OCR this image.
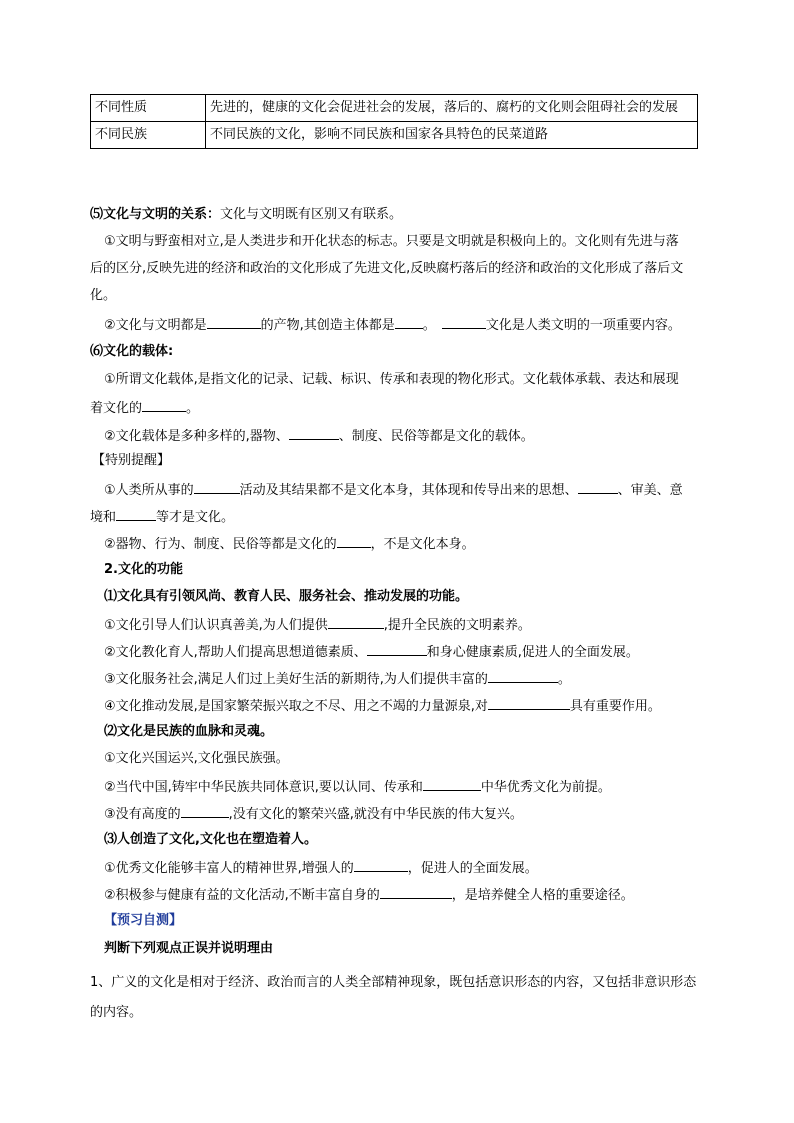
不同性质	先进的，健康的文化会促进社会的发展，落后的、腐朽的文化则会阻碍社会的发展
不同民族	不同民族的文化，影响不同民族和国家各具特色的民菜道路
⑸文化与文明的关系：文化与文明既有区别又有联系。
①文明与野蛮相对立,是人类进步和开化状态的标志。只要是文明就是积极向上的。文化则有先进与落
后的区分,反映先进的经济和政治的文化形成了先进文化,反映腐朽落后的经济和政治的文化形成了落后文
化。
②文化与文明都是	的产物,其创造主体都是 。	文化是人类文明的一项重要内容。
⑹文化的载体:
①所谓文化载体,是指文化的记录、记载、标识、传承和表现的物化形式。文化载体承载、表达和展现
着文化的	。
②文化载体是多种多样的,器物、	、制度、民俗等都是文化的载体。
【特别提醒】
①人类所从事的	活动及其结果都不是文化本身，其体现和传导出来的思想、	、审美、意
境和	等才是文化。
②器物、行为、制度、民俗等都是文化的	，不是文化本身。
2.文化的功能
⑴文化具有引领风尚、教育人民、服务社会、推动发展的功能。
①文化引导人们认识真善美,为人们提供	,提升全民族的文明素养。
②文化教化育人,帮助人们提高思想道德素质、	和身心健康素质,促进人的全面发展。
③文化服务社会,满足人们过上美好生活的新期待,为人们提供丰富的	。
④文化推动发展,是国家繁荣振兴取之不尽、用之不竭的力量源泉,对	具有重要作用。
⑵文化是民族的血脉和灵魂。
①文化兴国运兴,文化强民族强。
②当代中国,铸牢中华民族共同体意识,要以认同、传承和	中华优秀文化为前提。
③没有高度的	,没有文化的繁荣兴盛,就没有中华民族的伟大复兴。
⑶人创造了文化,文化也在塑造着人。
①优秀文化能够丰富人的精神世界,增强人的	，促进人的全面发展。
②积极参与健康有益的文化活动,不断丰富自身的	，是培养健全人格的重要途径。
【预习自测】
判断下列观点正误并说明理由
1、广义的文化是相对于经济、政治而言的人类全部精神现象，既包括意识形态的内容，又包括非意识形态
的内容。
